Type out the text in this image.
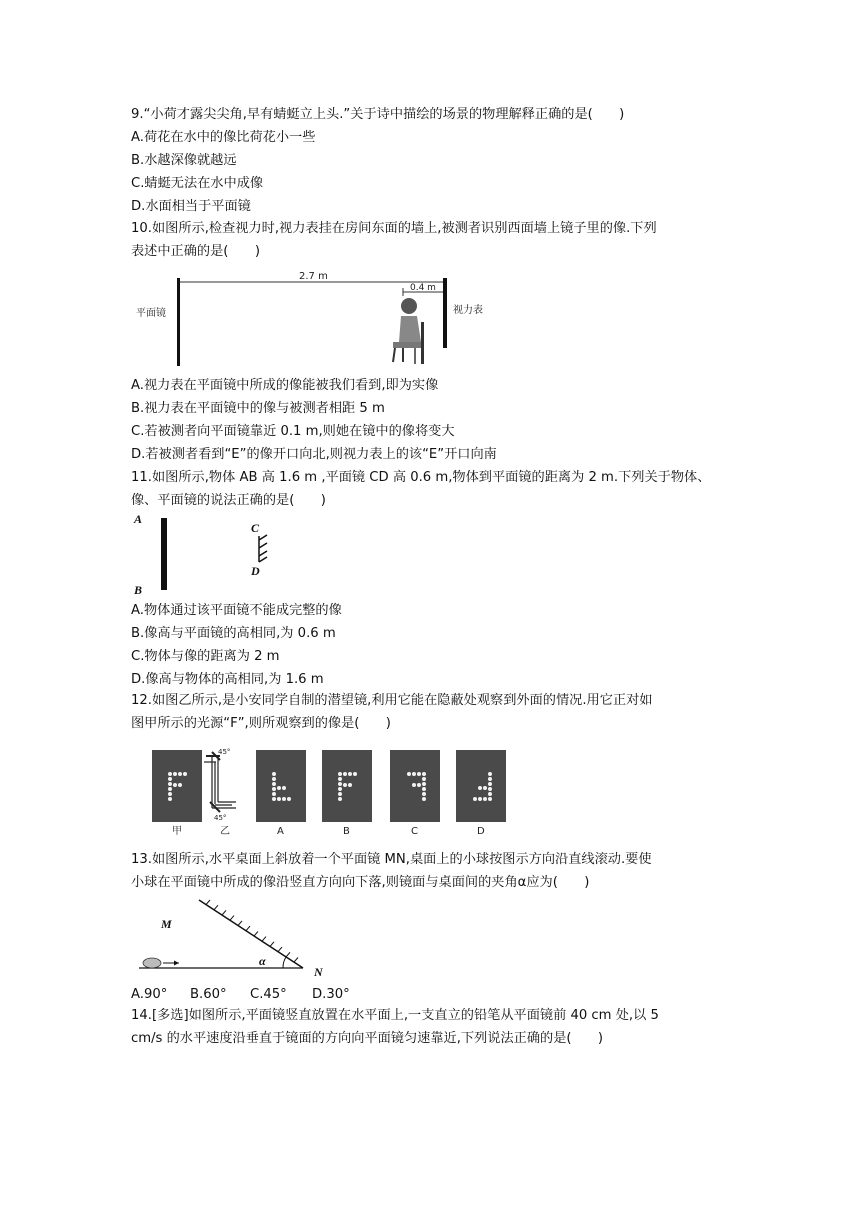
9.“小荷才露尖尖角,早有蜻蜓立上头.”关于诗中描绘的场景的物理解释正确的是(　　)
A.荷花在水中的像比荷花小一些
B.水越深像就越远
C.蜻蜓无法在水中成像
D.水面相当于平面镜
10.如图所示,检查视力时,视力表挂在房间东面的墙上,被测者识别西面墙上镜子里的像.下列
表述中正确的是(　　)
平面镜
2.7 m
0.4 m
视力表
A.视力表在平面镜中所成的像能被我们看到,即为实像
B.视力表在平面镜中的像与被测者相距 5 m
C.若被测者向平面镜靠近 0.1 m,则她在镜中的像将变大
D.若被测者看到“E”的像开口向北,则视力表上的该“E”开口向南
11.如图所示,物体 AB 高 1.6 m ,平面镜 CD 高 0.6 m,物体到平面镜的距离为 2 m.下列关于物体、
像、平面镜的说法正确的是(　　)
A
B
C
D
A.物体通过该平面镜不能成完整的像
B.像高与平面镜的高相同,为 0.6 m
C.物体与像的距离为 2 m
D.像高与物体的高相同,为 1.6 m
12.如图乙所示,是小安同学自制的潜望镜,利用它能在隐蔽处观察到外面的情况.用它正对如
图甲所示的光源“F”,则所观察到的像是(　　)
45°
45°
甲	乙	A	B	C	D
13.如图所示,水平桌面上斜放着一个平面镜 MN,桌面上的小球按图示方向沿直线滚动.要使
小球在平面镜中所成的像沿竖直方向向下落,则镜面与桌面间的夹角α应为(　　)
M
α
N
A.90° B.60° C.45° D.30°
14.[多选]如图所示,平面镜竖直放置在水平面上,一支直立的铅笔从平面镜前 40 cm 处,以 5
cm/s 的水平速度沿垂直于镜面的方向向平面镜匀速靠近,下列说法正确的是(　　)
